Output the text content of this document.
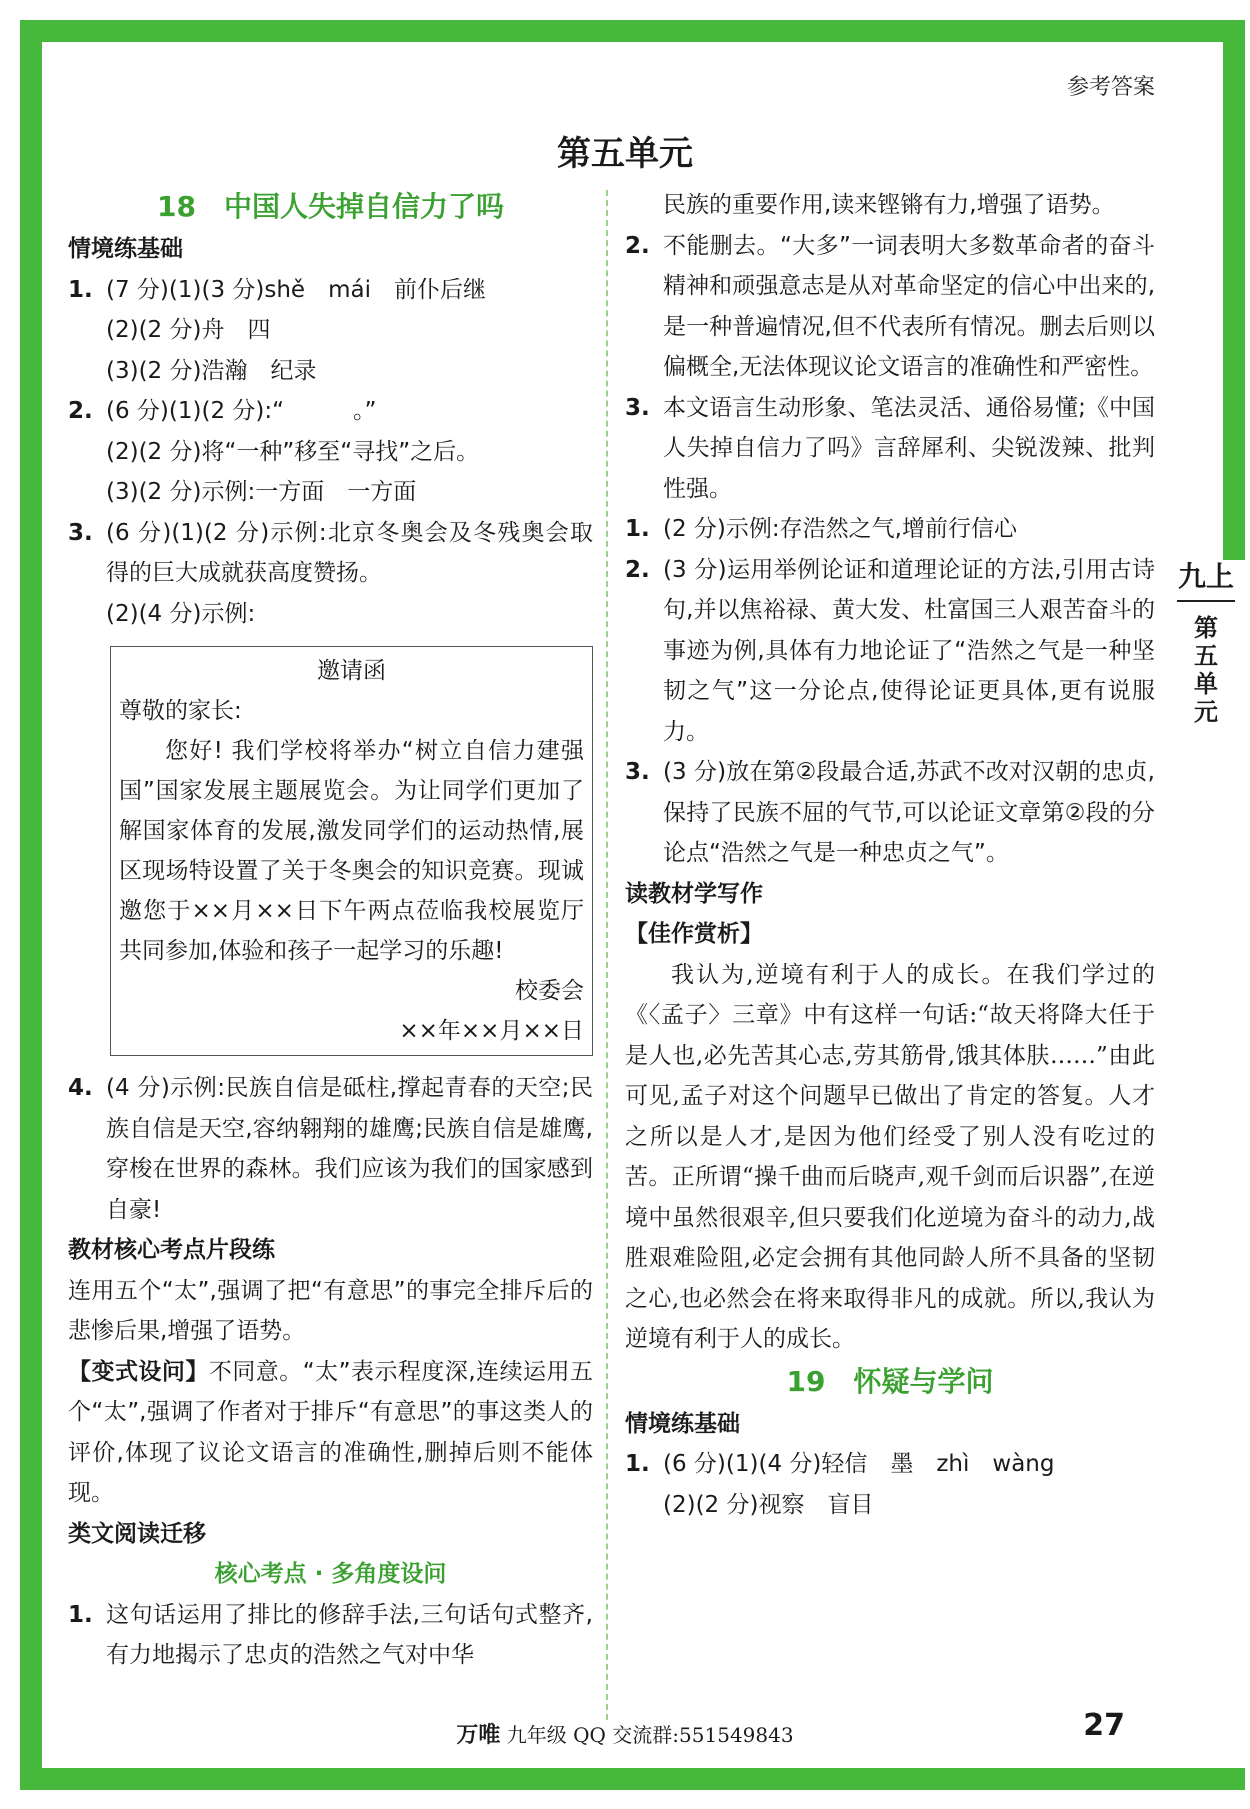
参考答案
第五单元
18　中国人失掉自信力了吗
情境练基础
1. (7 分)(1)(3 分)shě　mái　前仆后继
(2)(2 分)舟　四
(3)(2 分)浩瀚　纪录
2. (6 分)(1)(2 分):“　　　。”
(2)(2 分)将“一种”移至“寻找”之后。
(3)(2 分)示例:一方面　一方面
3. (6 分)(1)(2 分)示例:北京冬奥会及冬残奥会取得的巨大成就获高度赞扬。
(2)(4 分)示例:

邀请函

尊敬的家长:

您好! 我们学校将举办“树立自信力建强国”国家发展主题展览会。为让同学们更加了解国家体育的发展,激发同学们的运动热情,展区现场特设置了关于冬奥会的知识竞赛。现诚邀您于××月××日下午两点莅临我校展览厅共同参加,体验和孩子一起学习的乐趣!

校委会

××年××月××日

4. (4 分)示例:民族自信是砥柱,撑起青春的天空;民族自信是天空,容纳翱翔的雄鹰;民族自信是雄鹰,穿梭在世界的森林。我们应该为我们的国家感到自豪!
教材核心考点片段练
连用五个“太”,强调了把“有意思”的事完全排斥后的悲惨后果,增强了语势。
【变式设问】不同意。“太”表示程度深,连续运用五个“太”,强调了作者对于排斥“有意思”的事这类人的评价,体现了议论文语言的准确性,删掉后则不能体现。
类文阅读迁移
核心考点 · 多角度设问
1. 这句话运用了排比的修辞手法,三句话句式整齐,有力地揭示了忠贞的浩然之气对中华
民族的重要作用,读来铿锵有力,增强了语势。
2. 不能删去。“大多”一词表明大多数革命者的奋斗精神和顽强意志是从对革命坚定的信心中出来的,是一种普遍情况,但不代表所有情况。删去后则以偏概全,无法体现议论文语言的准确性和严密性。
3. 本文语言生动形象、笔法灵活、通俗易懂;《中国人失掉自信力了吗》言辞犀利、尖锐泼辣、批判性强。
1. (2 分)示例:存浩然之气,增前行信心
2. (3 分)运用举例论证和道理论证的方法,引用古诗句,并以焦裕禄、黄大发、杜富国三人艰苦奋斗的事迹为例,具体有力地论证了“浩然之气是一种坚韧之气”这一分论点,使得论证更具体,更有说服力。
3. (3 分)放在第②段最合适,苏武不改对汉朝的忠贞,保持了民族不屈的气节,可以论证文章第②段的分论点“浩然之气是一种忠贞之气”。
读教材学写作
【佳作赏析】
我认为,逆境有利于人的成长。在我们学过的《〈孟子〉三章》中有这样一句话:“故天将降大任于是人也,必先苦其心志,劳其筋骨,饿其体肤……”由此可见,孟子对这个问题早已做出了肯定的答复。人才之所以是人才,是因为他们经受了别人没有吃过的苦。正所谓“操千曲而后晓声,观千剑而后识器”,在逆境中虽然很艰辛,但只要我们化逆境为奋斗的动力,战胜艰难险阻,必定会拥有其他同龄人所不具备的坚韧之心,也必然会在将来取得非凡的成就。所以,我认为逆境有利于人的成长。
19　怀疑与学问
情境练基础
1. (6 分)(1)(4 分)轻信　墨　zhì　wàng
(2)(2 分)视察　盲目
九上
第
五
单
元
万唯 九年级 QQ 交流群:551549843	27
